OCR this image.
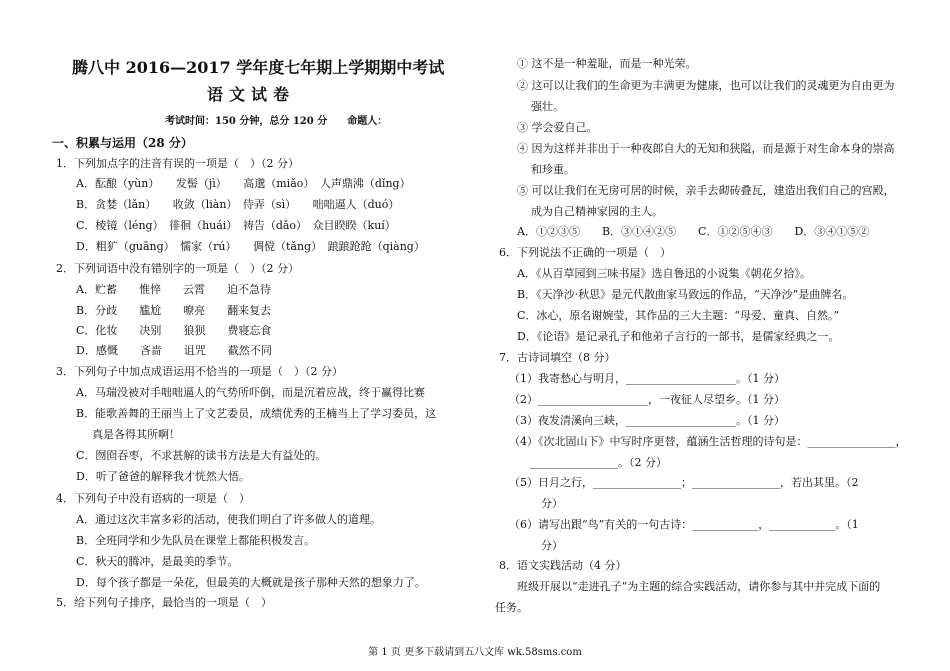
腾八中 2016—2017 学年度七年期上学期期中考试
语文试卷
考试时间：150 分钟，总分 120 分　　命题人：
一、积累与运用（28 分）
1．下列加点字的注音有误的一项是（　）（2 分）
A．酝酿（yùn）　　发髻（jì）　　高邈（miǎo）　人声鼎沸（dǐng）
B．贪婪（lǎn）　　收敛（liàn）　侍弄（sì）　　咄咄逼人（duó）
C．棱镜（léng）　徘徊（huái）　祷告（dǎo）　众目睽睽（kuí）
D．粗犷（guāng）　懦家（rú）　　倜傥（tǎng）　踉踉跄跄（qiàng）
2．下列词语中没有错别字的一项是（　）（2 分）
A．贮蓄　　惟悴　　云霄　　迫不急待
B．分歧　　尴尬　　嘹亮　　翻来复去
C．化妆　　决别　　狼狈　　费寝忘食
D．感慨　　吝啬　　诅咒　　截然不同
3．下列句子中加点成语运用不恰当的一项是（　）（2 分）
A．马瑞没被对手咄咄逼人的气势所吓倒，而是沉着应战，终于赢得比赛
B．能歌善舞的王丽当上了文艺委员，成绩优秀的王楠当上了学习委员，这
真是各得其所啊！
C．囫囵吞枣，不求甚解的读书方法是大有益处的。
D．听了爸爸的解释我才恍然大悟。
4．下列句子中没有语病的一项是（　）
A．通过这次丰富多彩的活动，使我们明白了许多做人的道理。
B．全班同学和少先队员在课堂上都能积极发言。
C．秋天的腾冲，是最美的季节。
D．每个孩子都是一朵花，但最美的大概就是孩子那种天然的想象力了。
5．给下列句子排序，最恰当的一项是（　）
① 这不是一种羞耻，而是一种光荣。
② 这可以让我们的生命更为丰满更为健康，也可以让我们的灵魂更为自由更为
强壮。
③ 学会爱自己。
④ 因为这样并非出于一种夜郎自大的无知和狭隘，而是源于对生命本身的崇高
和珍重。
⑤ 可以让我们在无房可居的时候，亲手去砌砖叠瓦，建造出我们自己的宫殿，
成为自己精神家园的主人。
A．①②③⑤　　B．③①④②⑤　　C．①②⑤④③　　D．③④①⑤②
6．下列说法不正确的一项是（　）
A．《从百草园到三味书屋》选自鲁迅的小说集《朝花夕拾》。
B．《天净沙·秋思》是元代散曲家马致远的作品，“天净沙”是曲牌名。
C．冰心，原名谢婉莹，其作品的三大主题：“母爱、童真、自然。”
D．《论语》是记录孔子和他弟子言行的一部书，是儒家经典之一。
7．古诗词填空（8 分）
（1）我寄愁心与明月，____________________。（1 分）
（2）____________________，一夜征人尽望乡。（1 分）
（3）夜发清溪向三峡，____________________。（1 分）
（4）《次北固山下》中写时序更替，蕴涵生活哲理的诗句是：________________，
________________。（2 分）
（5）日月之行，________________；________________，若出其里。（2
分）
（6）请写出跟“鸟”有关的一句古诗：____________，____________。（1
分）
8．语文实践活动（4 分）
班级开展以“走进孔子”为主题的综合实践活动，请你参与其中并完成下面的
任务。
第 1 页 更多下载请到五八文库 wk.58sms.com
